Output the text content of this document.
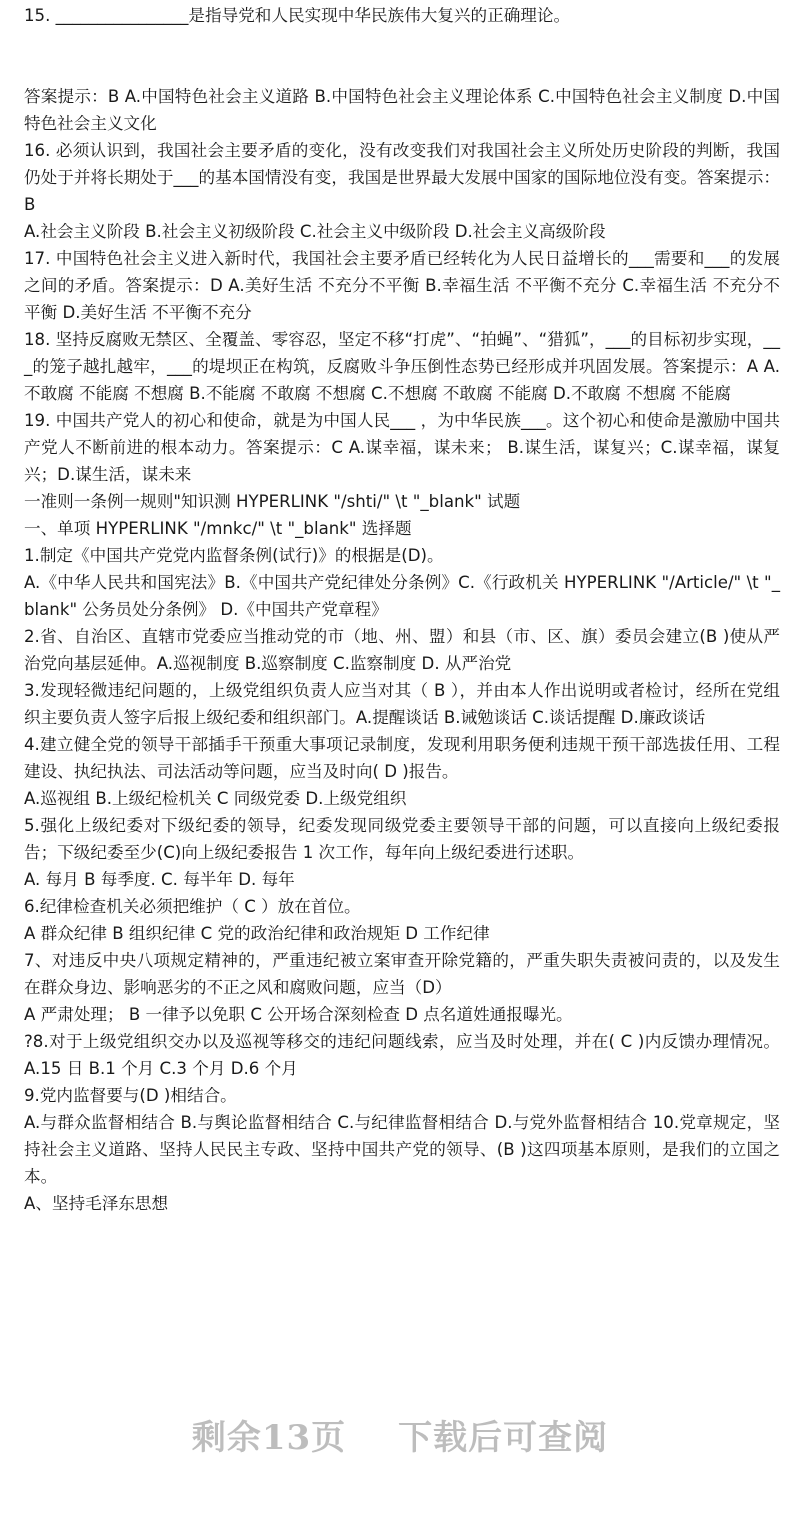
15. ________________是指导党和人民实现中华民族伟大复兴的正确理论。

答案提示：B A.中国特色社会主义道路 B.中国特色社会主义理论体系 C.中国特色社会主义制度 D.中国特色社会主义文化

16. 必须认识到，我国社会主要矛盾的变化，没有改变我们对我国社会主义所处历史阶段的判断，我国仍处于并将长期处于___的基本国情没有变，我国是世界最大发展中国家的国际地位没有变。答案提示：B

A.社会主义阶段 B.社会主义初级阶段 C.社会主义中级阶段 D.社会主义高级阶段

17. 中国特色社会主义进入新时代，我国社会主要矛盾已经转化为人民日益增长的___需要和___的发展之间的矛盾。答案提示：D A.美好生活 不充分不平衡 B.幸福生活 不平衡不充分 C.幸福生活 不充分不平衡 D.美好生活 不平衡不充分

18. 坚持反腐败无禁区、全覆盖、零容忍，坚定不移“打虎”、“拍蝇”、“猎狐”，___的目标初步实现，___的笼子越扎越牢，___的堤坝正在构筑，反腐败斗争压倒性态势已经形成并巩固发展。答案提示：A A.不敢腐 不能腐 不想腐 B.不能腐 不敢腐 不想腐 C.不想腐 不敢腐 不能腐 D.不敢腐 不想腐 不能腐

19. 中国共产党人的初心和使命，就是为中国人民___ ，为中华民族___。这个初心和使命是激励中国共产党人不断前进的根本动力。答案提示：C A.谋幸福，谋未来； B.谋生活，谋复兴；C.谋幸福，谋复兴；D.谋生活，谋未来

一准则一条例一规则"知识测 HYPERLINK "/shti/" \t "_blank" 试题

一、单项 HYPERLINK "/mnkc/" \t "_blank" 选择题

1.制定《中国共产党党内监督条例(试行)》的根据是(D)。

A.《中华人民共和国宪法》B.《中国共产党纪律处分条例》C.《行政机关 HYPERLINK "/Article/" \t "_blank" 公务员处分条例》 D.《中国共产党章程》

2.省、自治区、直辖市党委应当推动党的市（地、州、盟）和县（市、区、旗）委员会建立(B )使从严治党向基层延伸。A.巡视制度 B.巡察制度 C.监察制度 D. 从严治党

3.发现轻微违纪问题的，上级党组织负责人应当对其（ B ），并由本人作出说明或者检讨，经所在党组织主要负责人签字后报上级纪委和组织部门。A.提醒谈话 B.诫勉谈话 C.谈话提醒 D.廉政谈话

4.建立健全党的领导干部插手干预重大事项记录制度，发现利用职务便利违规干预干部选拔任用、工程建设、执纪执法、司法活动等问题，应当及时向( D )报告。

A.巡视组 B.上级纪检机关 C 同级党委 D.上级党组织

5.强化上级纪委对下级纪委的领导，纪委发现同级党委主要领导干部的问题，可以直接向上级纪委报告；下级纪委至少(C)向上级纪委报告 1 次工作，每年向上级纪委进行述职。

A. 每月 B 每季度. C. 每半年 D. 每年

6.纪律检查机关必须把维护（ C ）放在首位。

A 群众纪律 B 组织纪律 C 党的政治纪律和政治规矩 D 工作纪律

7、对违反中央八项规定精神的，严重违纪被立案审查开除党籍的，严重失职失责被问责的，以及发生在群众身边、影响恶劣的不正之风和腐败问题，应当（D）

A 严肃处理； B 一律予以免职 C 公开场合深刻检查 D 点名道姓通报曝光。

?8.对于上级党组织交办以及巡视等移交的违纪问题线索，应当及时处理，并在( C )内反馈办理情况。A.15 日 B.1 个月 C.3 个月 D.6 个月

9.党内监督要与(D )相结合。

A.与群众监督相结合 B.与舆论监督相结合 C.与纪律监督相结合 D.与党外监督相结合 10.党章规定，坚持社会主义道路、坚持人民民主专政、坚持中国共产党的领导、(B )这四项基本原则，是我们的立国之本。

A、坚持毛泽东思想

剩余13页 下载后可查阅
